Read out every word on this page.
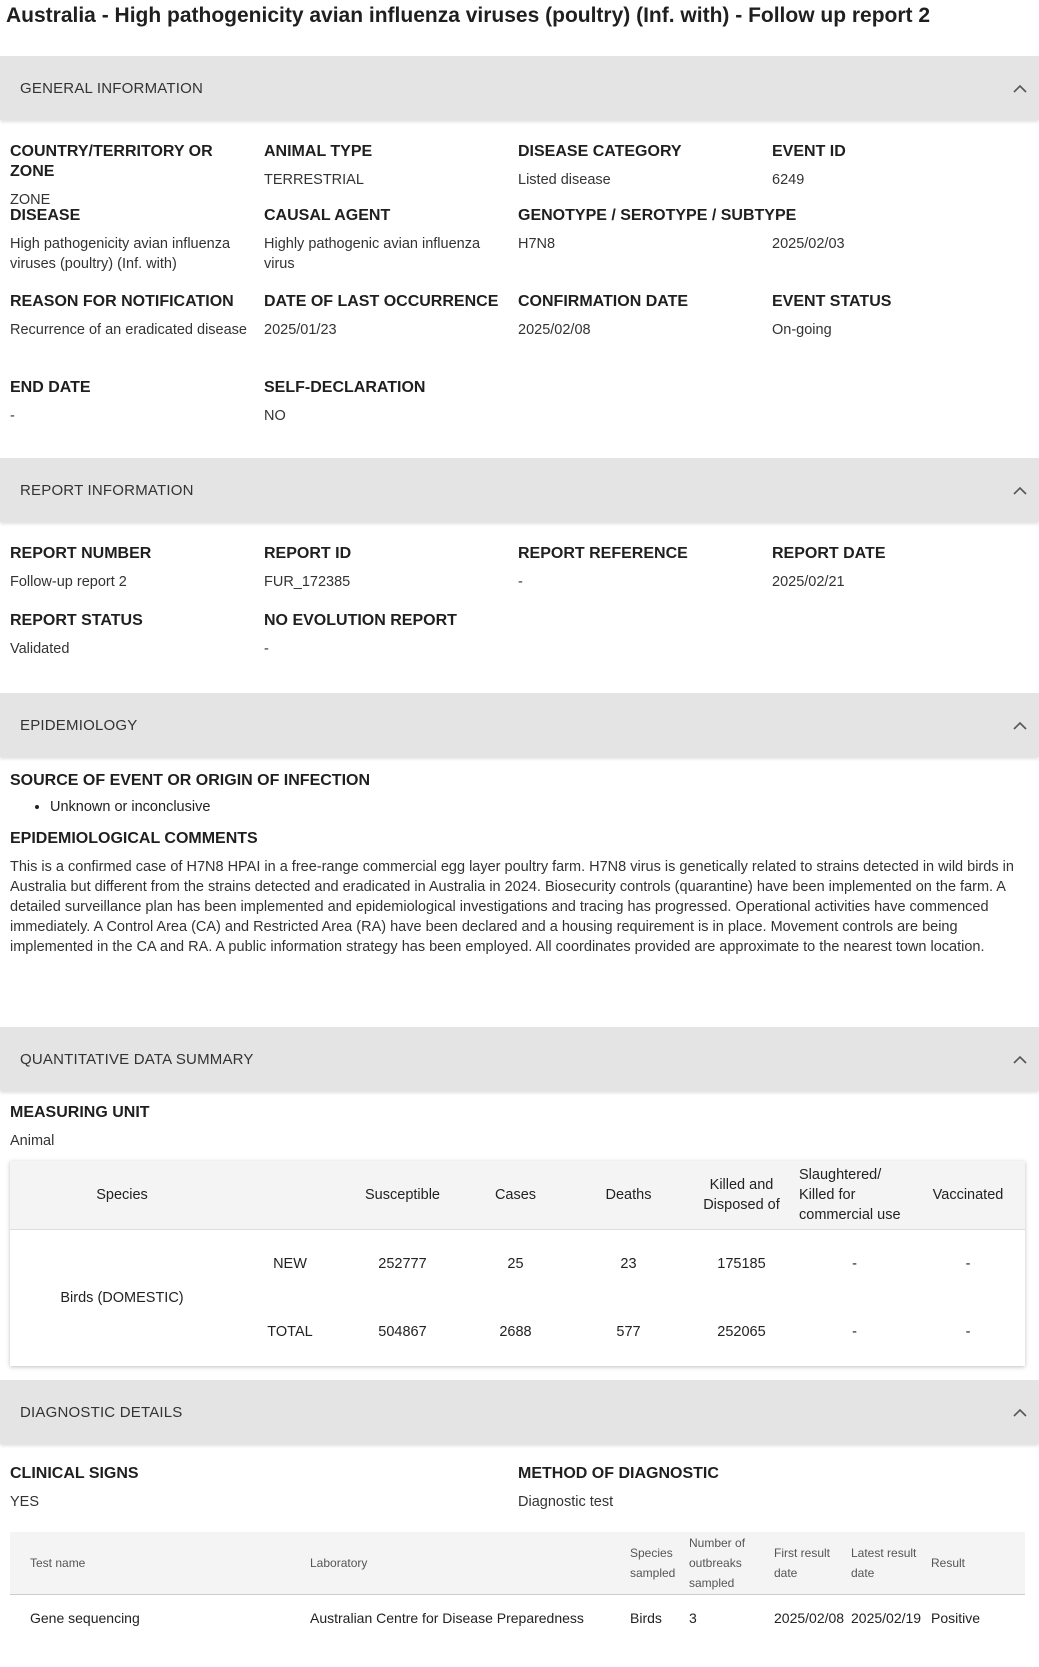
Australia - High pathogenicity avian influenza viruses (poultry) (Inf. with) - Follow up report 2
GENERAL INFORMATION
COUNTRY/TERRITORY OR ZONE
ZONE
ANIMAL TYPE
TERRESTRIAL
DISEASE CATEGORY
Listed disease
EVENT ID
6249
DISEASE
High pathogenicity avian influenza viruses (poultry) (Inf. with)
CAUSAL AGENT
Highly pathogenic avian influenza virus
GENOTYPE / SEROTYPE / SUBTYPE
H7N8	2025/02/03
REASON FOR NOTIFICATION
Recurrence of an eradicated disease
DATE OF LAST OCCURRENCE
2025/01/23
CONFIRMATION DATE
2025/02/08
EVENT STATUS
On-going
END DATE
-
SELF-DECLARATION
NO
REPORT INFORMATION
REPORT NUMBER
Follow-up report 2
REPORT ID
FUR_172385
REPORT REFERENCE
-
REPORT DATE
2025/02/21
REPORT STATUS
Validated
NO EVOLUTION REPORT
-
EPIDEMIOLOGY
SOURCE OF EVENT OR ORIGIN OF INFECTION
• Unknown or inconclusive
EPIDEMIOLOGICAL COMMENTS

This is a confirmed case of H7N8 HPAI in a free-range commercial egg layer poultry farm. H7N8 virus is genetically related to strains detected in wild birds in Australia but different from the strains detected and eradicated in Australia in 2024. Biosecurity controls (quarantine) have been implemented on the farm. A detailed surveillance plan has been implemented and epidemiological investigations and tracing has progressed. Operational activities have commenced immediately. A Control Area (CA) and Restricted Area (RA) have been declared and a housing requirement is in place. Movement controls are being implemented in the CA and RA. A public information strategy has been employed. All coordinates provided are approximate to the nearest town location.

QUANTITATIVE DATA SUMMARY
MEASURING UNIT
Animal
Species		Susceptible	Cases	Deaths	Killed and Disposed of	Slaughtered/ Killed for commercial use	Vaccinated
Birds (DOMESTIC)	NEW	252777	25	23	175185	-	-
	TOTAL	504867	2688	577	252065	-	-
DIAGNOSTIC DETAILS
CLINICAL SIGNS
YES
METHOD OF DIAGNOSTIC
Diagnostic test
Test name	Laboratory	Species sampled	Number of outbreaks sampled	First result date	Latest result date	Result
Gene sequencing	Australian Centre for Disease Preparedness	Birds	3	2025/02/08	2025/02/19	Positive
